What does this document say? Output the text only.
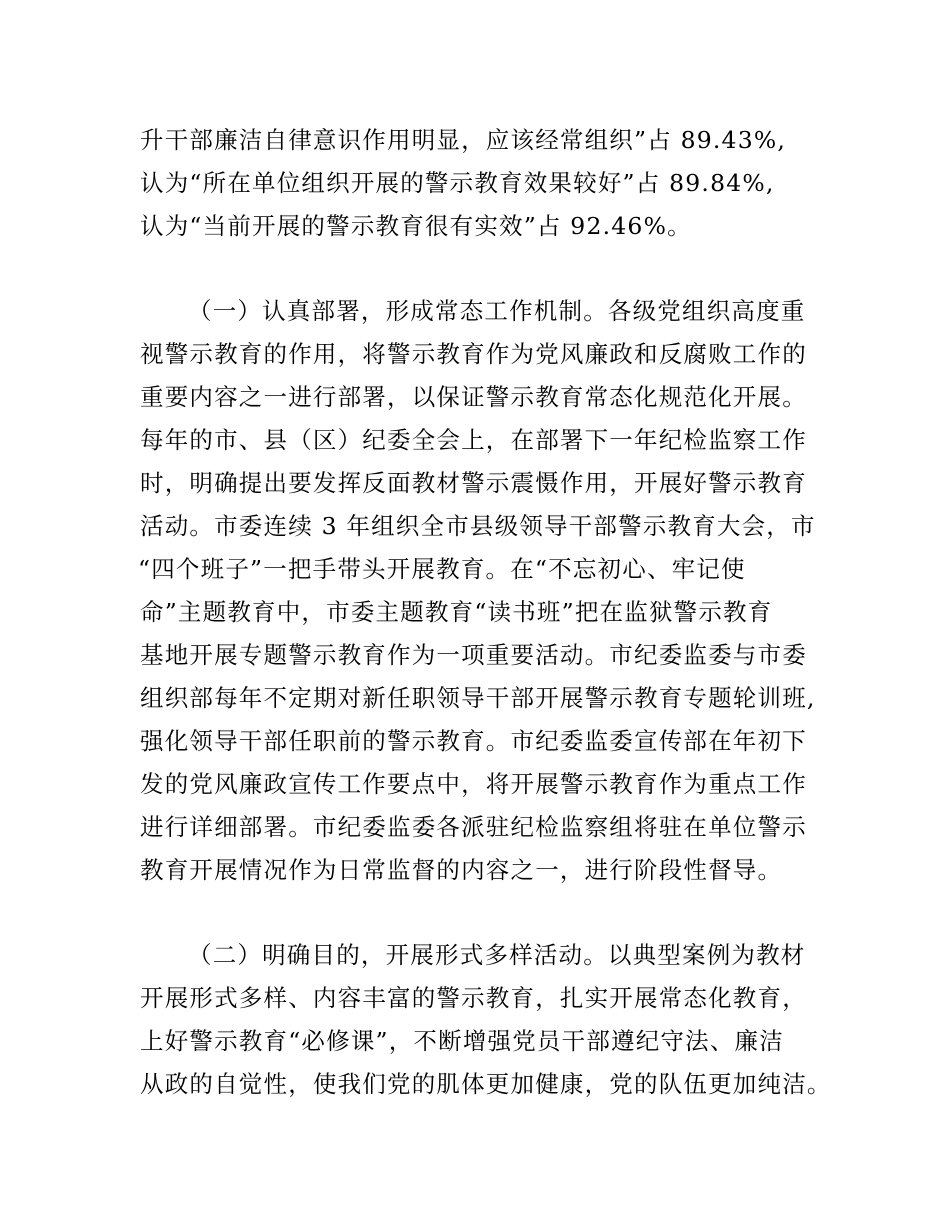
升干部廉洁自律意识作用明显，应该经常组织”占 89.43%,
认为“所在单位组织开展的警示教育效果较好”占 89.84%,
认为“当前开展的警示教育很有实效”占 92.46%。
（一）认真部署，形成常态工作机制。各级党组织高度重
视警示教育的作用，将警示教育作为党风廉政和反腐败工作的
重要内容之一进行部署，以保证警示教育常态化规范化开展。
每年的市、县（区）纪委全会上，在部署下一年纪检监察工作
时，明确提出要发挥反面教材警示震慑作用，开展好警示教育
活动。市委连续 3 年组织全市县级领导干部警示教育大会，市
“四个班子”一把手带头开展教育。在“不忘初心、牢记使
命”主题教育中，市委主题教育“读书班”把在监狱警示教育
基地开展专题警示教育作为一项重要活动。市纪委监委与市委
组织部每年不定期对新任职领导干部开展警示教育专题轮训班,
强化领导干部任职前的警示教育。市纪委监委宣传部在年初下
发的党风廉政宣传工作要点中，将开展警示教育作为重点工作
进行详细部署。市纪委监委各派驻纪检监察组将驻在单位警示
教育开展情况作为日常监督的内容之一，进行阶段性督导。
（二）明确目的，开展形式多样活动。以典型案例为教材
开展形式多样、内容丰富的警示教育，扎实开展常态化教育，
上好警示教育“必修课”，不断增强党员干部遵纪守法、廉洁
从政的自觉性，使我们党的肌体更加健康，党的队伍更加纯洁。
